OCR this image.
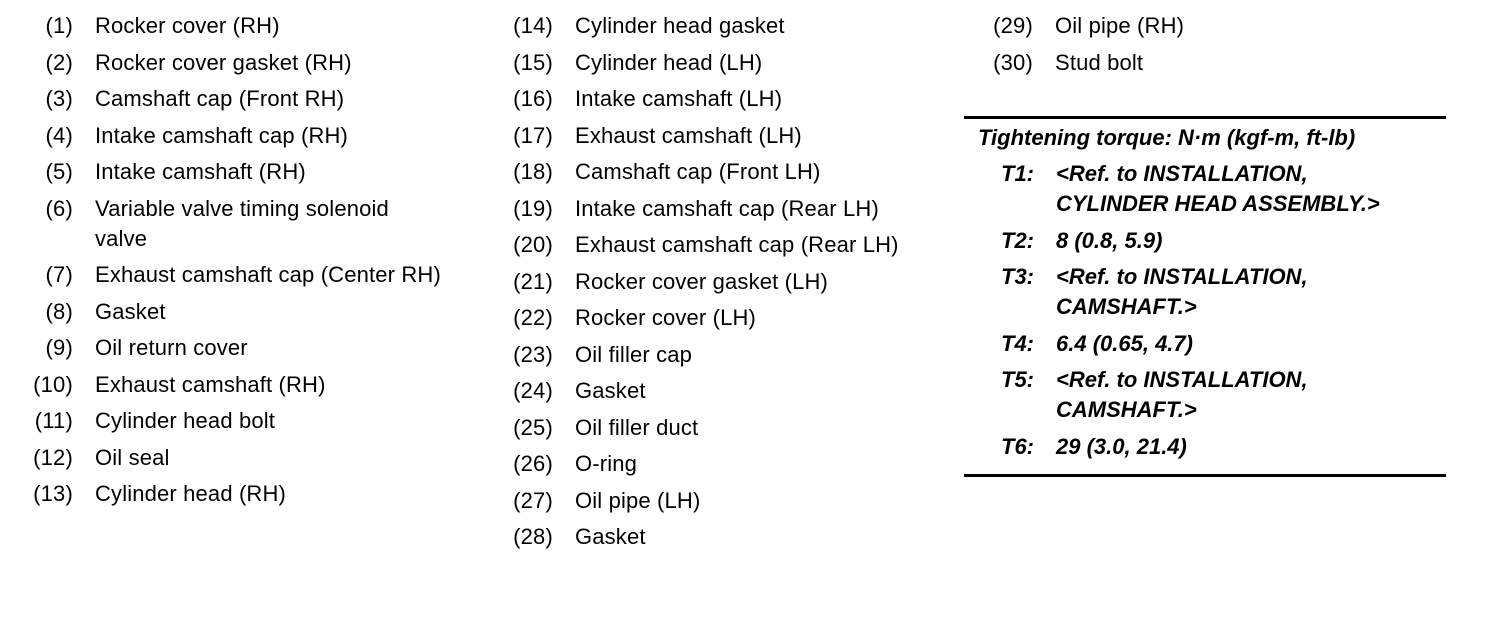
(1) Rocker cover (RH)
(2) Rocker cover gasket (RH)
(3) Camshaft cap (Front RH)
(4) Intake camshaft cap (RH)
(5) Intake camshaft (RH)
(6) Variable valve timing solenoid valve
(7) Exhaust camshaft cap (Center RH)
(8) Gasket
(9) Oil return cover
(10) Exhaust camshaft (RH)
(11) Cylinder head bolt
(12) Oil seal
(13) Cylinder head (RH)
(14) Cylinder head gasket
(15) Cylinder head (LH)
(16) Intake camshaft (LH)
(17) Exhaust camshaft (LH)
(18) Camshaft cap (Front LH)
(19) Intake camshaft cap (Rear LH)
(20) Exhaust camshaft cap (Rear LH)
(21) Rocker cover gasket (LH)
(22) Rocker cover (LH)
(23) Oil filler cap
(24) Gasket
(25) Oil filler duct
(26) O-ring
(27) Oil pipe (LH)
(28) Gasket
(29) Oil pipe (RH)
(30) Stud bolt
Tightening torque: N·m (kgf-m, ft-lb)
T1: <Ref. to INSTALLATION, CYLINDER HEAD ASSEMBLY.>
T2: 8 (0.8, 5.9)
T3: <Ref. to INSTALLATION, CAMSHAFT.>
T4: 6.4 (0.65, 4.7)
T5: <Ref. to INSTALLATION, CAMSHAFT.>
T6: 29 (3.0, 21.4)
